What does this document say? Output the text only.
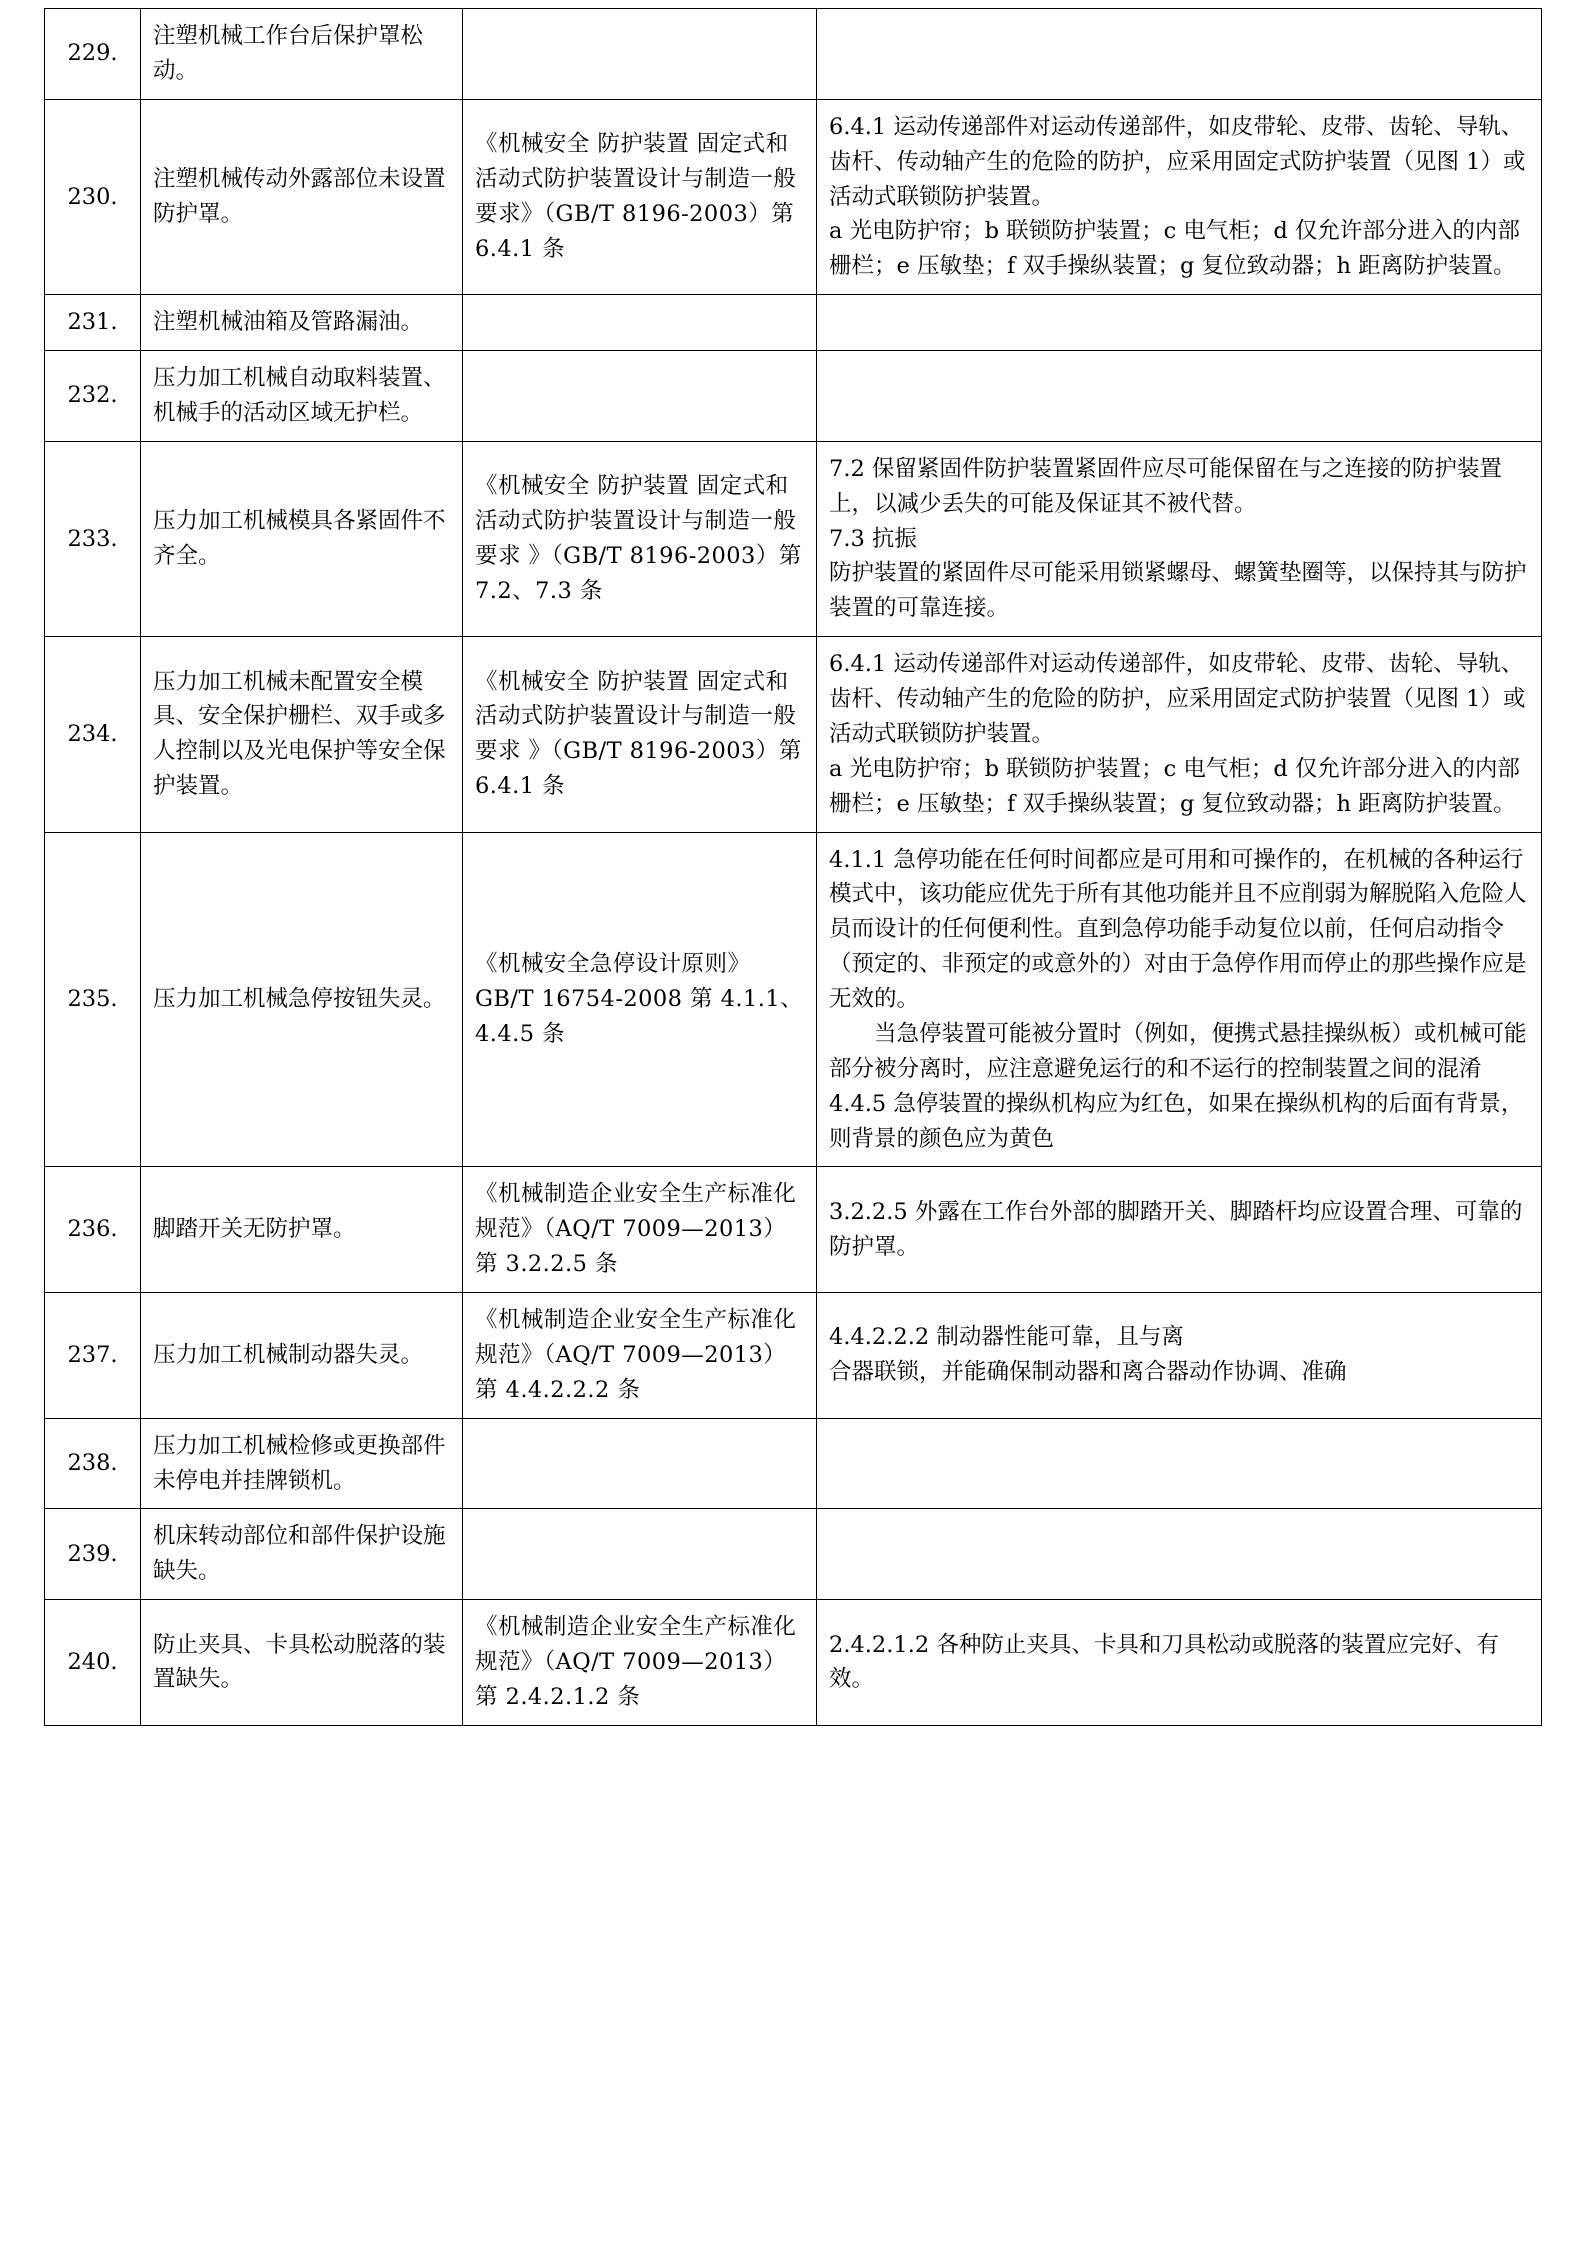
229.	注塑机械工作台后保护罩松动。		
230.	注塑机械传动外露部位未设置防护罩。	《机械安全 防护装置 固定式和活动式防护装置设计与制造一般要求》（GB/T 8196-2003）第 6.4.1 条	6.4.1 运动传递部件对运动传递部件，如皮带轮、皮带、齿轮、导轨、齿杆、传动轴产生的危险的防护，应采用固定式防护装置（见图 1）或活动式联锁防护装置。
a 光电防护帘；b 联锁防护装置；c 电气柜；d 仅允许部分进入的内部栅栏；e 压敏垫；f 双手操纵装置；g 复位致动器；h 距离防护装置。

231.	注塑机械油箱及管路漏油。		
232.	压力加工机械自动取料装置、机械手的活动区域无护栏。		
233.	压力加工机械模具各紧固件不齐全。	《机械安全 防护装置 固定式和活动式防护装置设计与制造一般要求 》（GB/T 8196-2003）第 7.2、7.3 条	7.2 保留紧固件防护装置紧固件应尽可能保留在与之连接的防护装置上，以减少丢失的可能及保证其不被代替。
7.3 抗振
防护装置的紧固件尽可能采用锁紧螺母、螺簧垫圈等，以保持其与防护装置的可靠连接。

234.	压力加工机械未配置安全模具、安全保护栅栏、双手或多人控制以及光电保护等安全保护装置。	《机械安全 防护装置 固定式和活动式防护装置设计与制造一般要求 》（GB/T 8196-2003）第 6.4.1 条	6.4.1 运动传递部件对运动传递部件，如皮带轮、皮带、齿轮、导轨、齿杆、传动轴产生的危险的防护，应采用固定式防护装置（见图 1）或活动式联锁防护装置。
a 光电防护帘；b 联锁防护装置；c 电气柜；d 仅允许部分进入的内部栅栏；e 压敏垫；f 双手操纵装置；g 复位致动器；h 距离防护装置。

235.	压力加工机械急停按钮失灵。	《机械安全急停设计原则》GB/T 16754-2008 第 4.1.1、4.4.5 条	4.1.1 急停功能在任何时间都应是可用和可操作的，在机械的各种运行模式中，该功能应优先于所有其他功能并且不应削弱为解脱陷入危险人员而设计的任何便利性。直到急停功能手动复位以前，任何启动指令（预定的、非预定的或意外的）对由于急停作用而停止的那些操作应是无效的。
当急停装置可能被分置时（例如，便携式悬挂操纵板）或机械可能部分被分离时，应注意避免运行的和不运行的控制装置之间的混淆
4.4.5 急停装置的操纵机构应为红色，如果在操纵机构的后面有背景，则背景的颜色应为黄色

236.	脚踏开关无防护罩。	《机械制造企业安全生产标准化规范》（AQ/T 7009—2013）第 3.2.2.5 条	3.2.2.5 外露在工作台外部的脚踏开关、脚踏杆均应设置合理、可靠的防护罩。

237.	压力加工机械制动器失灵。	《机械制造企业安全生产标准化规范》（AQ/T 7009—2013）第 4.4.2.2.2 条	4.4.2.2.2 制动器性能可靠，且与离
合器联锁，并能确保制动器和离合器动作协调、准确

238.	压力加工机械检修或更换部件未停电并挂牌锁机。		
239.	机床转动部位和部件保护设施缺失。		
240.	防止夹具、卡具松动脱落的装置缺失。	《机械制造企业安全生产标准化规范》（AQ/T 7009—2013）第 2.4.2.1.2 条	2.4.2.1.2 各种防止夹具、卡具和刀具松动或脱落的装置应完好、有效。
